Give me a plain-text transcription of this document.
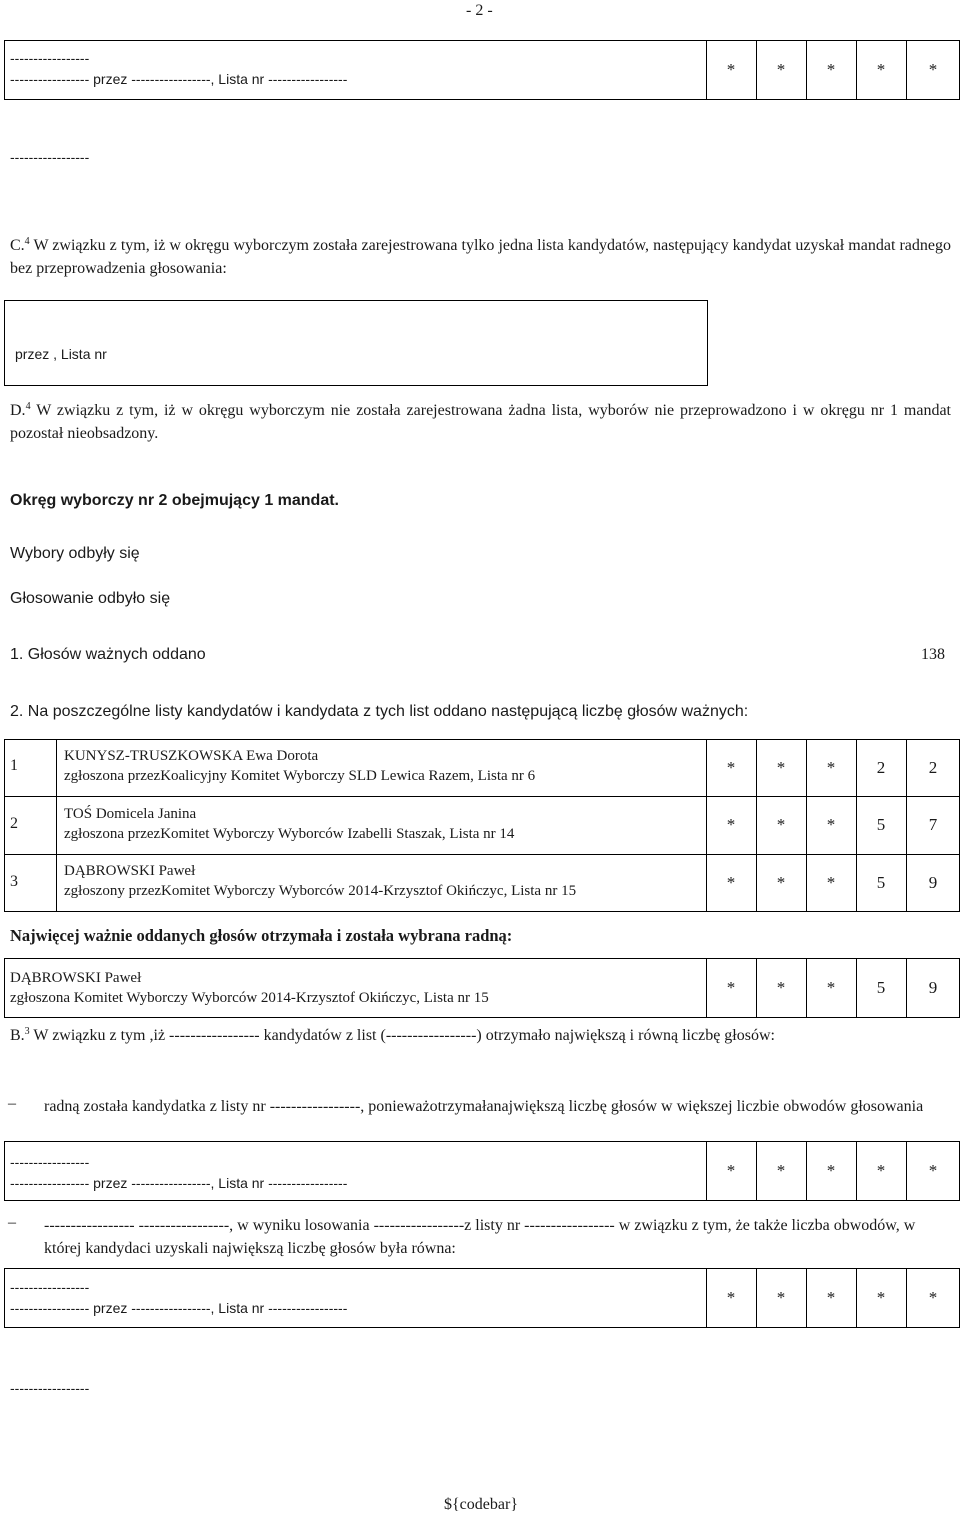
- 2 -
-----------------
----------------- przez -----------------, Lista nr -----------------	*	*	*	*	*
-----------------
C.$^4$ W związku z tym, iż w okręgu wyborczym została zarejestrowana tylko jedna lista kandydatów, następujący kandydat uzyskał mandat radnego bez przeprowadzenia głosowania:
przez , Lista nr
D.$^4$ W związku z tym, iż w okręgu wyborczym nie została zarejestrowana żadna lista, wyborów nie przeprowadzono i w okręgu nr 1 mandat pozostał nieobsadzony.
Okręg wyborczy nr 2 obejmujący 1 mandat.
Wybory odbyły się
Głosowanie odbyło się
1. Głosów ważnych oddano	138
2. Na poszczególne listy kandydatów i kandydata z tych list oddano następującą liczbę głosów ważnych:
1
KUNYSZ-TRUSZKOWSKA Ewa Dorota
zgłoszona przezKoalicyjny Komitet Wyborczy SLD Lewica Razem, Lista nr 6	*	*	*	2	2
2
TOŚ Domicela Janina
zgłoszona przezKomitet Wyborczy Wyborców Izabelli Staszak, Lista nr 14	*	*	*	5	7
3
DĄBROWSKI Paweł
zgłoszony przezKomitet Wyborczy Wyborców 2014-Krzysztof Okińczyc, Lista nr 15	*	*	*	5	9
Najwięcej ważnie oddanych głosów otrzymała i została wybrana radną:
DĄBROWSKI Paweł
zgłoszona Komitet Wyborczy Wyborców 2014-Krzysztof Okińczyc, Lista nr 15
*	*	*	5	9
B.$^3$ W związku z tym ,iż ----------------- kandydatów z list (-----------------) otrzymało największą i równą liczbę głosów:
– radną została kandydatka z listy nr -----------------, ponieważotrzymałanajwiększą liczbę głosów w większej liczbie obwodów głosowania
-----------------
----------------- przez -----------------, Lista nr -----------------
*	*	*	*	*
– ----------------- -----------------, w wyniku losowania -----------------z listy nr ----------------- w związku z tym, że także liczba obwodów, w której kandydaci uzyskali największą liczbę głosów była równa:
-----------------
----------------- przez -----------------, Lista nr -----------------
*	*	*	*	*
-----------------
${codebar}
